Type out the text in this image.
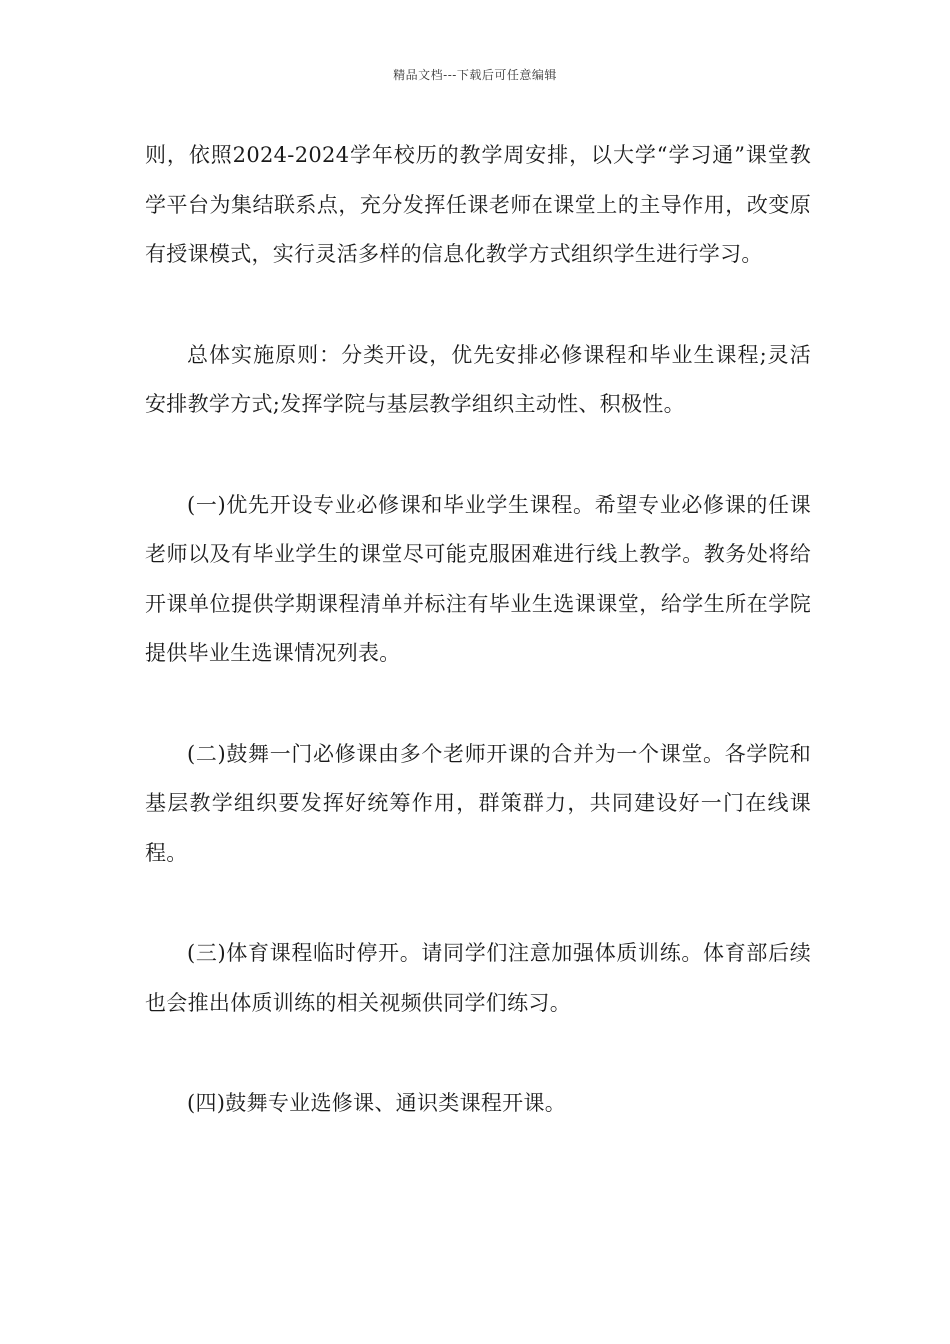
精品文档---下载后可任意编辑

则，依照2024-2024学年校历的教学周安排，以大学“学习通”课堂教学平台为集结联系点，充分发挥任课老师在课堂上的主导作用，改变原有授课模式，实行灵活多样的信息化教学方式组织学生进行学习。

总体实施原则：分类开设，优先安排必修课程和毕业生课程;灵活安排教学方式;发挥学院与基层教学组织主动性、积极性。

(一)优先开设专业必修课和毕业学生课程。希望专业必修课的任课老师以及有毕业学生的课堂尽可能克服困难进行线上教学。教务处将给开课单位提供学期课程清单并标注有毕业生选课课堂，给学生所在学院提供毕业生选课情况列表。

(二)鼓舞一门必修课由多个老师开课的合并为一个课堂。各学院和基层教学组织要发挥好统筹作用，群策群力，共同建设好一门在线课程。

(三)体育课程临时停开。请同学们注意加强体质训练。体育部后续也会推出体质训练的相关视频供同学们练习。

(四)鼓舞专业选修课、通识类课程开课。
